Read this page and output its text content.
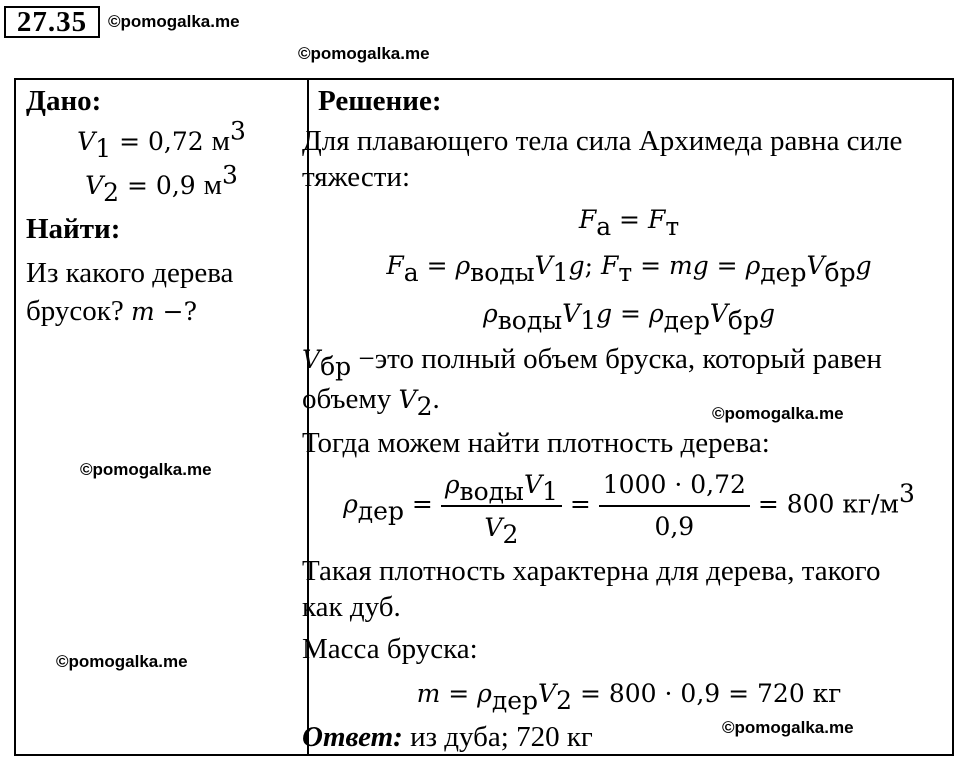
27.35	©pomogalka.me
©pomogalka.me
©pomogalka.me
©pomogalka.me
©pomogalka.me
©pomogalka.me
Дано:
$V_1 = 0,72$ $м^3$
$V_2 = 0,9$ $м^3$
Найти:
Из какого дерева
брусок? m −?
Решение:
Для плавающего тела сила Архимеда равна силе
тяжести:
$F_а = F_т$
$F_а = \rho_{воды}V_1g$; $F_т$ = mg = $\rho_{дер}V_{бр}g$
$\rho_{воды}V_1g = \rho_{дер}V_{бр}g$
$V_{бр} -это$ полный объем бруска, который равен
объему $V_2$.
Тогда можем найти плотность дерева:
$\rho_{дер} = \frac{\rho_{воды}V_1}{V_2} = \frac{1000 \cdot 0,72}{0,9} = 800$ $кг/м^3$
Такая плотность характерна для дерева, такого
как дуб.
Масса бруска:
$m = \rho_{дер}V_2 = 800 \cdot 0,9 = 720$ кг
Ответ: из дуба; 720 кг
